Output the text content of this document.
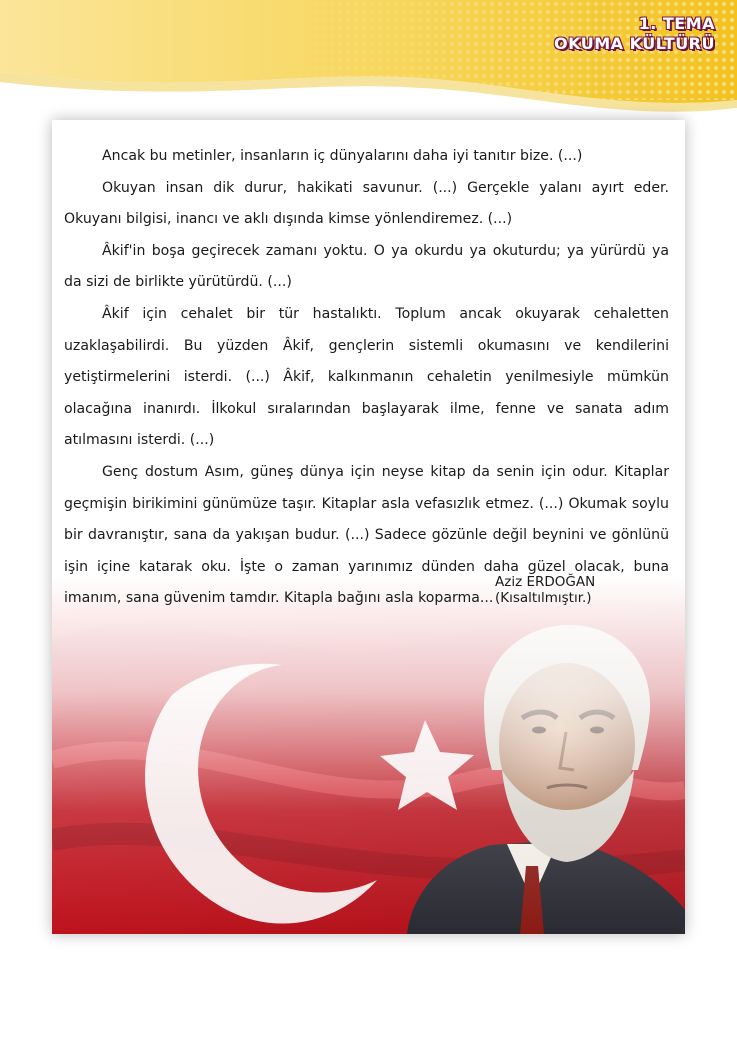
1. TEMA
OKUMA KÜLTÜRÜ

Ancak bu metinler, insanların iç dünyalarını daha iyi tanıtır bize. (...)

Okuyan insan dik durur, hakikati savunur. (...) Gerçekle yalanı ayırt eder. Okuyanı bilgisi, inancı ve aklı dışında kimse yönlendiremez. (...)

Âkif'in boşa geçirecek zamanı yoktu. O ya okurdu ya okuturdu; ya yürürdü ya da sizi de birlikte yürütürdü. (...)

Âkif için cehalet bir tür hastalıktı. Toplum ancak okuyarak cehaletten uzaklaşabilirdi. Bu yüzden Âkif, gençlerin sistemli okumasını ve kendilerini yetiştirmelerini isterdi. (...) Âkif, kalkınmanın cehaletin yenilmesiyle mümkün olacağına inanırdı. İlkokul sıralarından başlayarak ilme, fenne ve sanata adım atılmasını isterdi. (...)

Genç dostum Asım, güneş dünya için neyse kitap da senin için odur. Kitaplar geçmişin birikimini günümüze taşır. Kitaplar asla vefasızlık etmez. (...) Okumak soylu bir davranıştır, sana da yakışan budur. (...) Sadece gözünle değil beynini ve gönlünü işin içine katarak oku. İşte o zaman yarınımız dünden daha güzel olacak, buna imanım, sana güvenim tamdır. Kitapla bağını asla koparma...

Aziz ERDOĞAN
(Kısaltılmıştır.)
